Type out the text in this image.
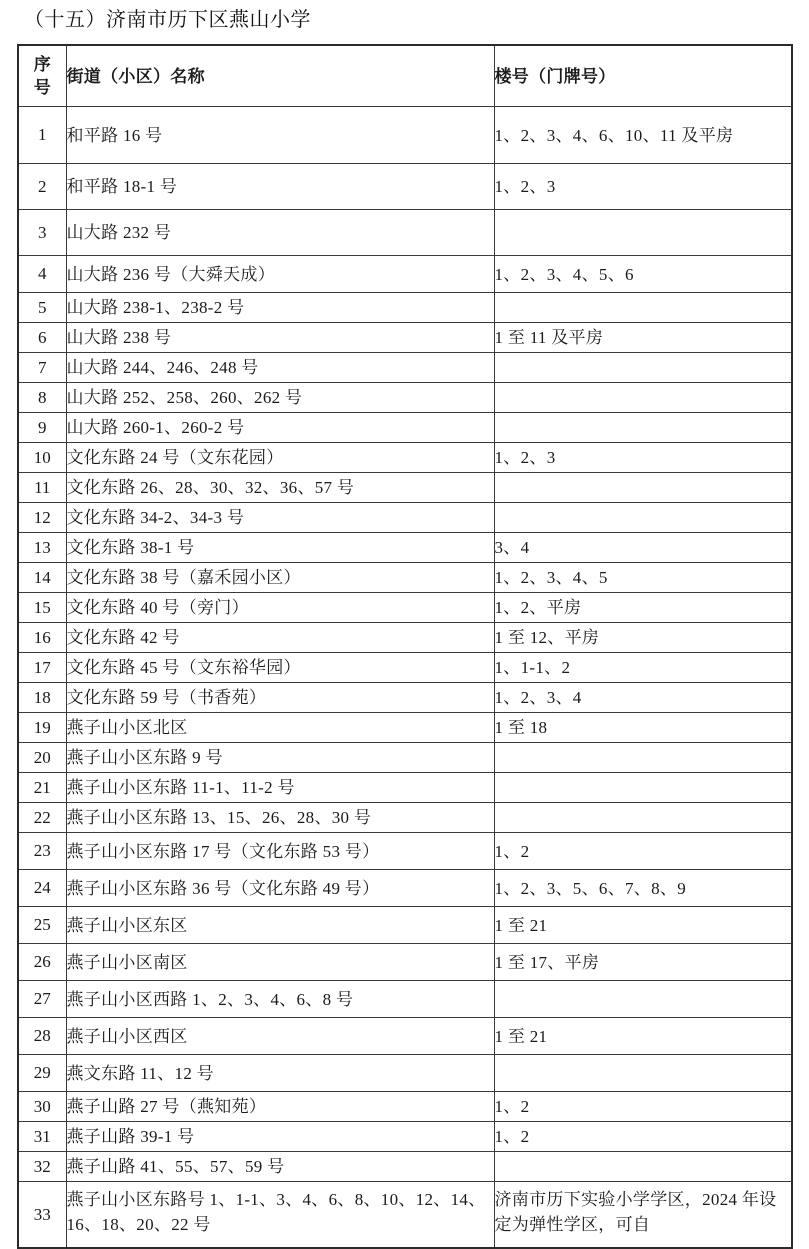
（十五）济南市历下区燕山小学
序
号	街道（小区）名称	楼号（门牌号）
1	和平路 16 号	1、2、3、4、6、10、11 及平房
2	和平路 18-1 号	1、2、3
3	山大路 232 号	
4	山大路 236 号（大舜天成）	1、2、3、4、5、6
5	山大路 238-1、238-2 号	
6	山大路 238 号	1 至 11 及平房
7	山大路 244、246、248 号	
8	山大路 252、258、260、262 号	
9	山大路 260-1、260-2 号	
10	文化东路 24 号（文东花园）	1、2、3
11	文化东路 26、28、30、32、36、57 号	
12	文化东路 34-2、34-3 号	
13	文化东路 38-1 号	3、4
14	文化东路 38 号（嘉禾园小区）	1、2、3、4、5
15	文化东路 40 号（旁门）	1、2、平房
16	文化东路 42 号	1 至 12、平房
17	文化东路 45 号（文东裕华园）	1、1-1、2
18	文化东路 59 号（书香苑）	1、2、3、4
19	燕子山小区北区	1 至 18
20	燕子山小区东路 9 号	
21	燕子山小区东路 11-1、11-2 号	
22	燕子山小区东路 13、15、26、28、30 号	
23	燕子山小区东路 17 号（文化东路 53 号）	1、2
24	燕子山小区东路 36 号（文化东路 49 号）	1、2、3、5、6、7、8、9
25	燕子山小区东区	1 至 21
26	燕子山小区南区	1 至 17、平房
27	燕子山小区西路 1、2、3、4、6、8 号	
28	燕子山小区西区	1 至 21
29	燕文东路 11、12 号	
30	燕子山路 27 号（燕知苑）	1、2
31	燕子山路 39-1 号	1、2
32	燕子山路 41、55、57、59 号	
33	燕子山小区东路号 1、1-1、3、4、6、8、10、12、14、16、18、20、22 号	济南市历下实验小学学区，2024 年设定为弹性学区，可自
